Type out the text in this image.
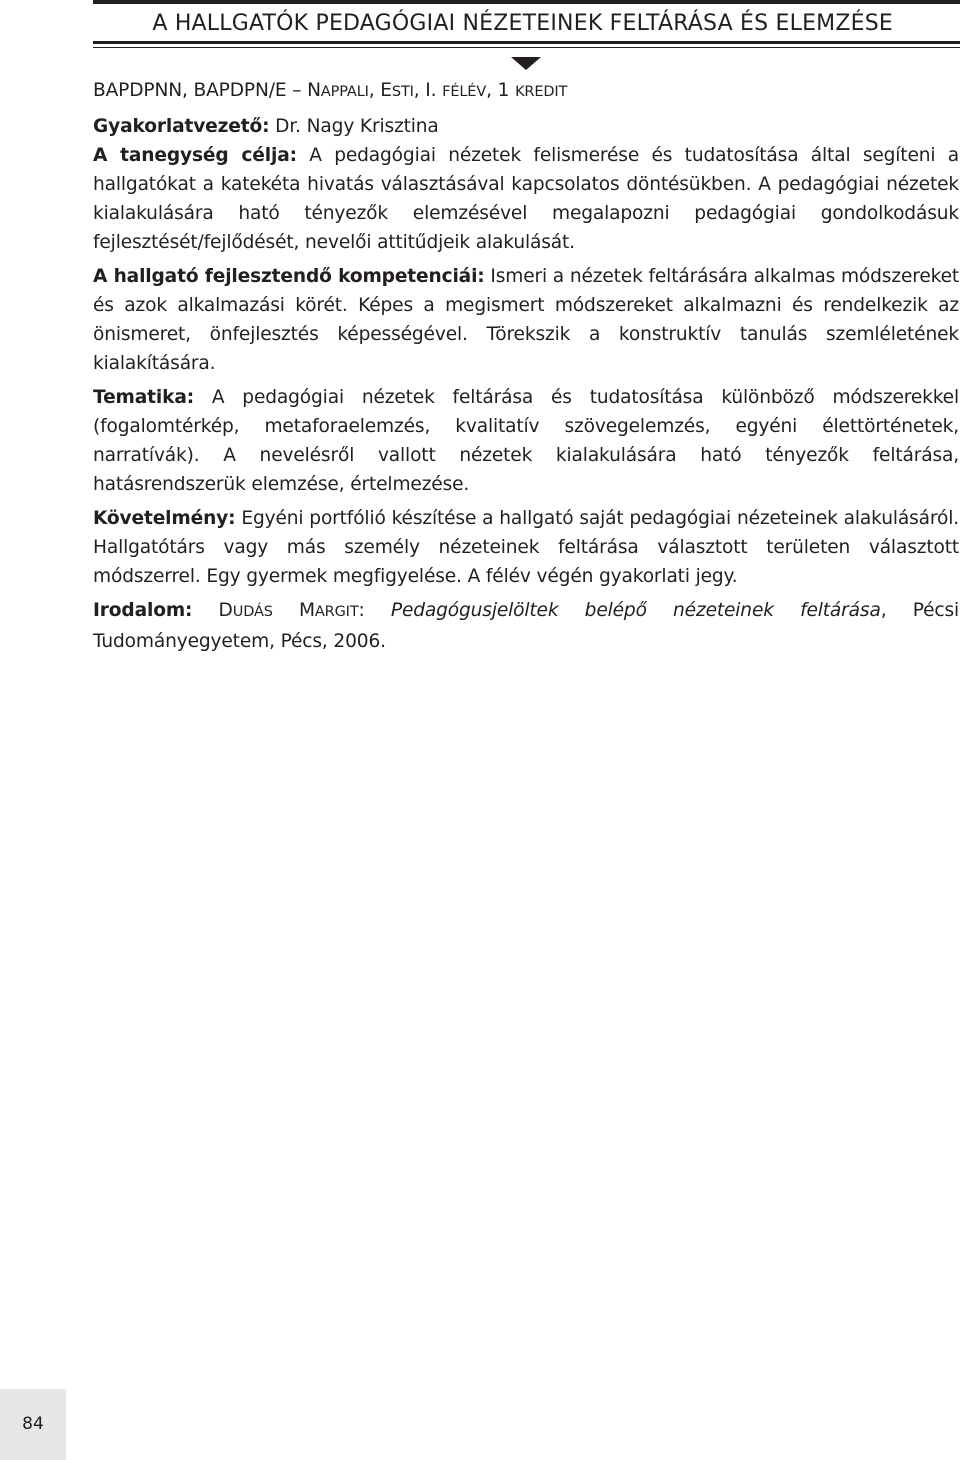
A HALLGATÓK PEDAGÓGIAI NÉZETEINEK FELTÁRÁSA ÉS ELEMZÉSE

BAPDPNN, BAPDPN/E – NAPPALI, ESTI, I. FÉLÉV, 1 KREDIT

Gyakorlatvezető: Dr. Nagy Krisztina

A tanegység célja: A pedagógiai nézetek felismerése és tudatosítása által segíteni a hallgatókat a katekéta hivatás választásával kapcsolatos döntésükben. A pedagógiai nézetek kialakulására ható tényezők elemzésével megalapozni pedagógiai gondolkodásuk fejlesztését/fejlődését, nevelői attitűdjeik alakulását.

A hallgató fejlesztendő kompetenciái: Ismeri a nézetek feltárására alkalmas módszereket és azok alkalmazási körét. Képes a megismert módszereket alkalmazni és rendelkezik az önismeret, önfejlesztés képességével. Törekszik a konstruktív tanulás szemléletének kialakítására.

Tematika: A pedagógiai nézetek feltárása és tudatosítása különböző módszerekkel (fogalomtérkép, metaforaelemzés, kvalitatív szövegelemzés, egyéni élettörténetek, narratívák). A nevelésről vallott nézetek kialakulására ható tényezők feltárása, hatásrendszerük elemzése, értelmezése.

Követelmény: Egyéni portfólió készítése a hallgató saját pedagógiai nézeteinek alakulásáról. Hallgatótárs vagy más személy nézeteinek feltárása választott területen választott módszerrel. Egy gyermek megfigyelése. A félév végén gyakorlati jegy.

Irodalom: DUDÁS MARGIT: Pedagógusjelöltek belépő nézeteinek feltárása, Pécsi Tudományegyetem, Pécs, 2006.

84
